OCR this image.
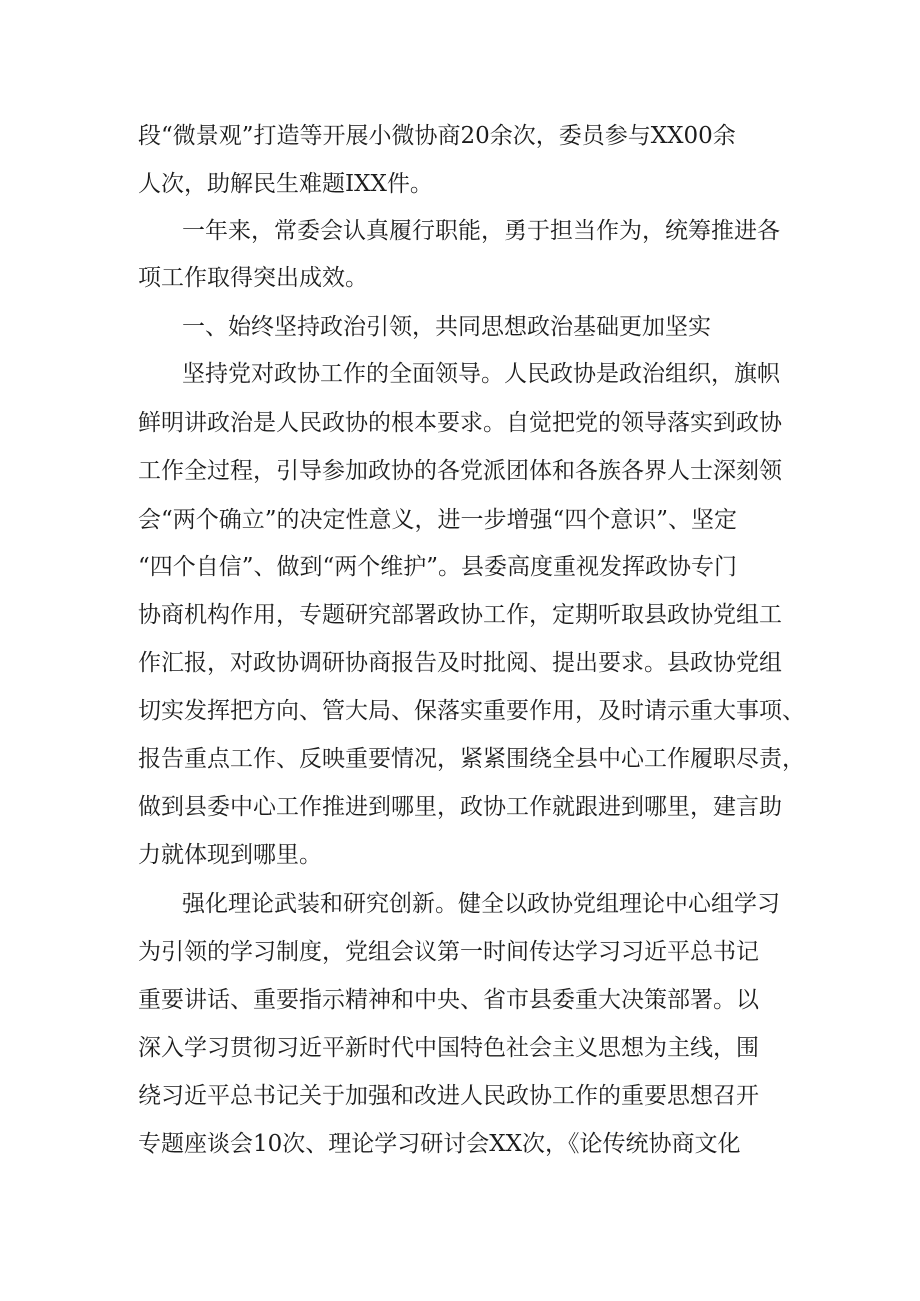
段“微景观”打造等开展小微协商20余次，委员参与XX00余
人次，助解民生难题IXX件。
一年来，常委会认真履行职能，勇于担当作为，统筹推进各
项工作取得突出成效。
一、始终坚持政治引领，共同思想政治基础更加坚实
坚持党对政协工作的全面领导。人民政协是政治组织，旗帜
鲜明讲政治是人民政协的根本要求。自觉把党的领导落实到政协
工作全过程，引导参加政协的各党派团体和各族各界人士深刻领
会“两个确立”的决定性意义，进一步增强“四个意识”、坚定
“四个自信”、做到“两个维护”。县委高度重视发挥政协专门
协商机构作用，专题研究部署政协工作，定期听取县政协党组工
作汇报，对政协调研协商报告及时批阅、提出要求。县政协党组
切实发挥把方向、管大局、保落实重要作用，及时请示重大事项、
报告重点工作、反映重要情况，紧紧围绕全县中心工作履职尽责，
做到县委中心工作推进到哪里，政协工作就跟进到哪里，建言助
力就体现到哪里。
强化理论武装和研究创新。健全以政协党组理论中心组学习
为引领的学习制度，党组会议第一时间传达学习习近平总书记
重要讲话、重要指示精神和中央、省市县委重大决策部署。以
深入学习贯彻习近平新时代中国特色社会主义思想为主线，围
绕习近平总书记关于加强和改进人民政协工作的重要思想召开
专题座谈会10次、理论学习研讨会XX次，《论传统协商文化
